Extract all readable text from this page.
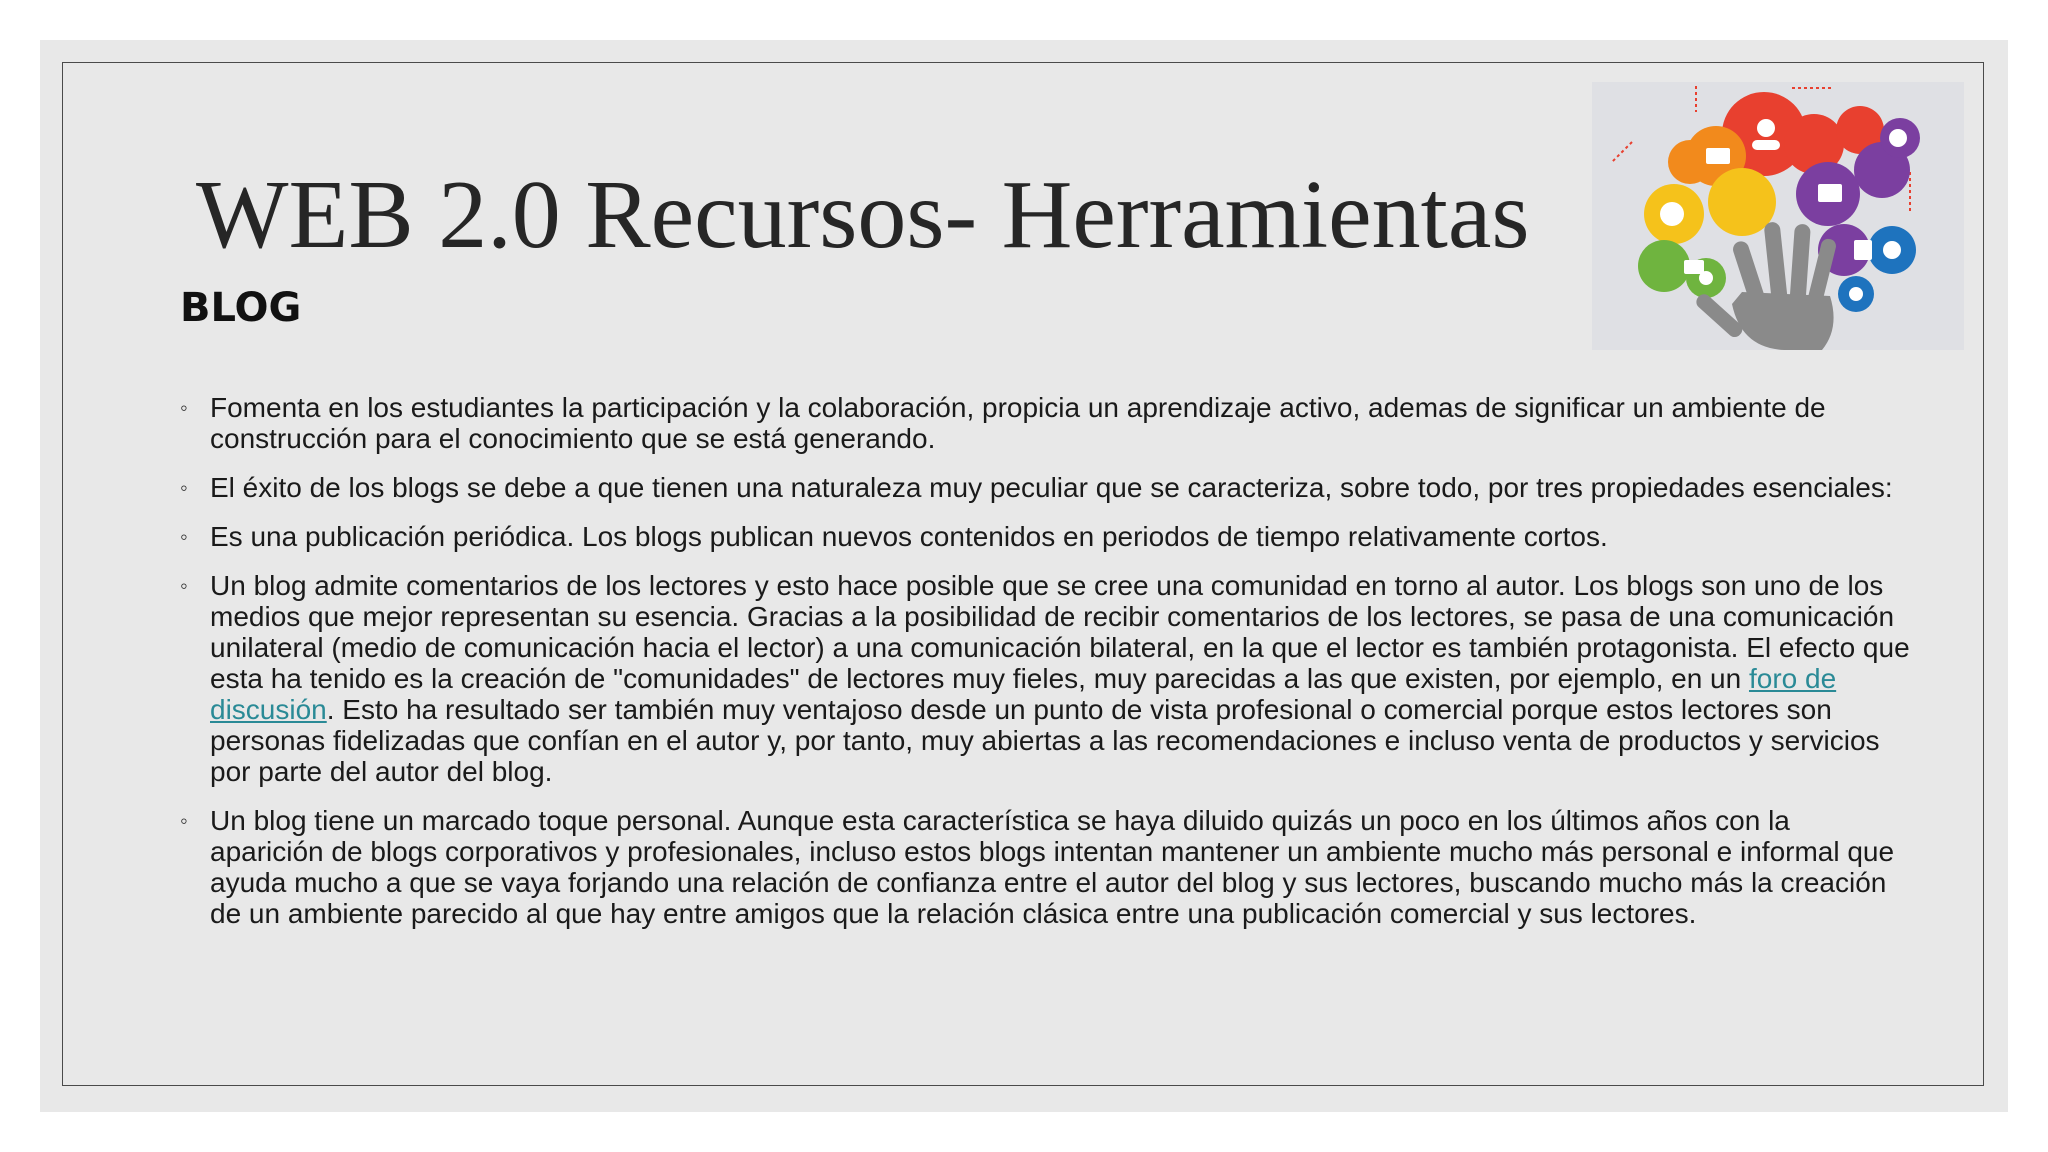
WEB 2.0 Recursos- Herramientas
BLOG
◦ Fomenta en los estudiantes la participación y la colaboración, propicia un aprendizaje activo, ademas de significar un ambiente de construcción para el conocimiento que se está generando.
◦ El éxito de los blogs se debe a que tienen una naturaleza muy peculiar que se caracteriza, sobre todo, por tres propiedades esenciales:
◦ Es una publicación periódica. Los blogs publican nuevos contenidos en periodos de tiempo relativamente cortos.
◦ Un blog admite comentarios de los lectores y esto hace posible que se cree una comunidad en torno al autor. Los blogs son uno de los medios que mejor representan su esencia. Gracias a la posibilidad de recibir comentarios de los lectores, se pasa de una comunicación unilateral (medio de comunicación hacia el lector) a una comunicación bilateral, en la que el lector es también protagonista. El efecto que esta ha tenido es la creación de "comunidades" de lectores muy fieles, muy parecidas a las que existen, por ejemplo, en un foro de discusión. Esto ha resultado ser también muy ventajoso desde un punto de vista profesional o comercial porque estos lectores son personas fidelizadas que confían en el autor y, por tanto, muy abiertas a las recomendaciones e incluso venta de productos y servicios por parte del autor del blog.
◦ Un blog tiene un marcado toque personal. Aunque esta característica se haya diluido quizás un poco en los últimos años con la aparición de blogs corporativos y profesionales, incluso estos blogs intentan mantener un ambiente mucho más personal e informal que ayuda mucho a que se vaya forjando una relación de confianza entre el autor del blog y sus lectores, buscando mucho más la creación de un ambiente parecido al que hay entre amigos que la relación clásica entre una publicación comercial y sus lectores.
